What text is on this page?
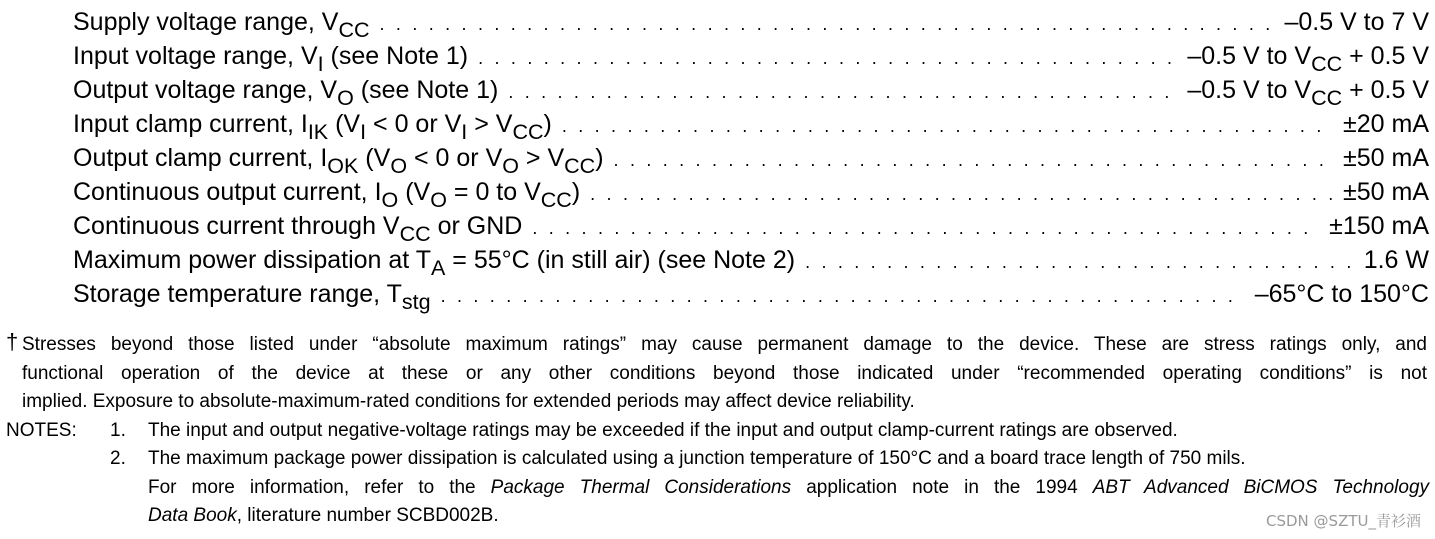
Supply voltage range, $V_{CC}$ . . .	–0.5 V to 7 V
Input voltage range, $V_I$ (see Note 1) . . .	–0.5 V to $V_{CC} + 0.5$ V
Output voltage range, $V_O$ (see Note 1) . . .	–0.5 V to $V_{CC} + 0.5$ V
Input clamp current, $I_{IK}$ ($V_I < 0$ or $V_I > V_{CC}$) . . .	±20 mA
Output clamp current, $I_{OK}$ ($V_O < 0$ or $V_O > V_{CC}$) . . .	±50 mA
Continuous output current, $I_O$ ($V_O = 0$ to $V_{CC}$) . . .	±50 mA
Continuous current through $V_{CC}$ or GND . . .	±150 mA
Maximum power dissipation at $T_A = 55^\circ C$ (in still air) (see Note 2) . . .	1.6 W
Storage temperature range, $T_{stg}$ . . .	–65°C to 150°C
† Stresses beyond those listed under “absolute maximum ratings” may cause permanent damage to the device. These are stress ratings only, and
functional operation of the device at these or any other conditions beyond those indicated under “recommended operating conditions” is not
implied. Exposure to absolute-maximum-rated conditions for extended periods may affect device reliability.
NOTES: 1. The input and output negative-voltage ratings may be exceeded if the input and output clamp-current ratings are observed.
2. The maximum package power dissipation is calculated using a junction temperature of 150°C and a board trace length of 750 mils.
For more information, refer to the Package Thermal Considerations application note in the 1994 ABT Advanced BiCMOS Technology
Data Book, literature number SCBD002B.	CSDN @SZTU_青衫酒
